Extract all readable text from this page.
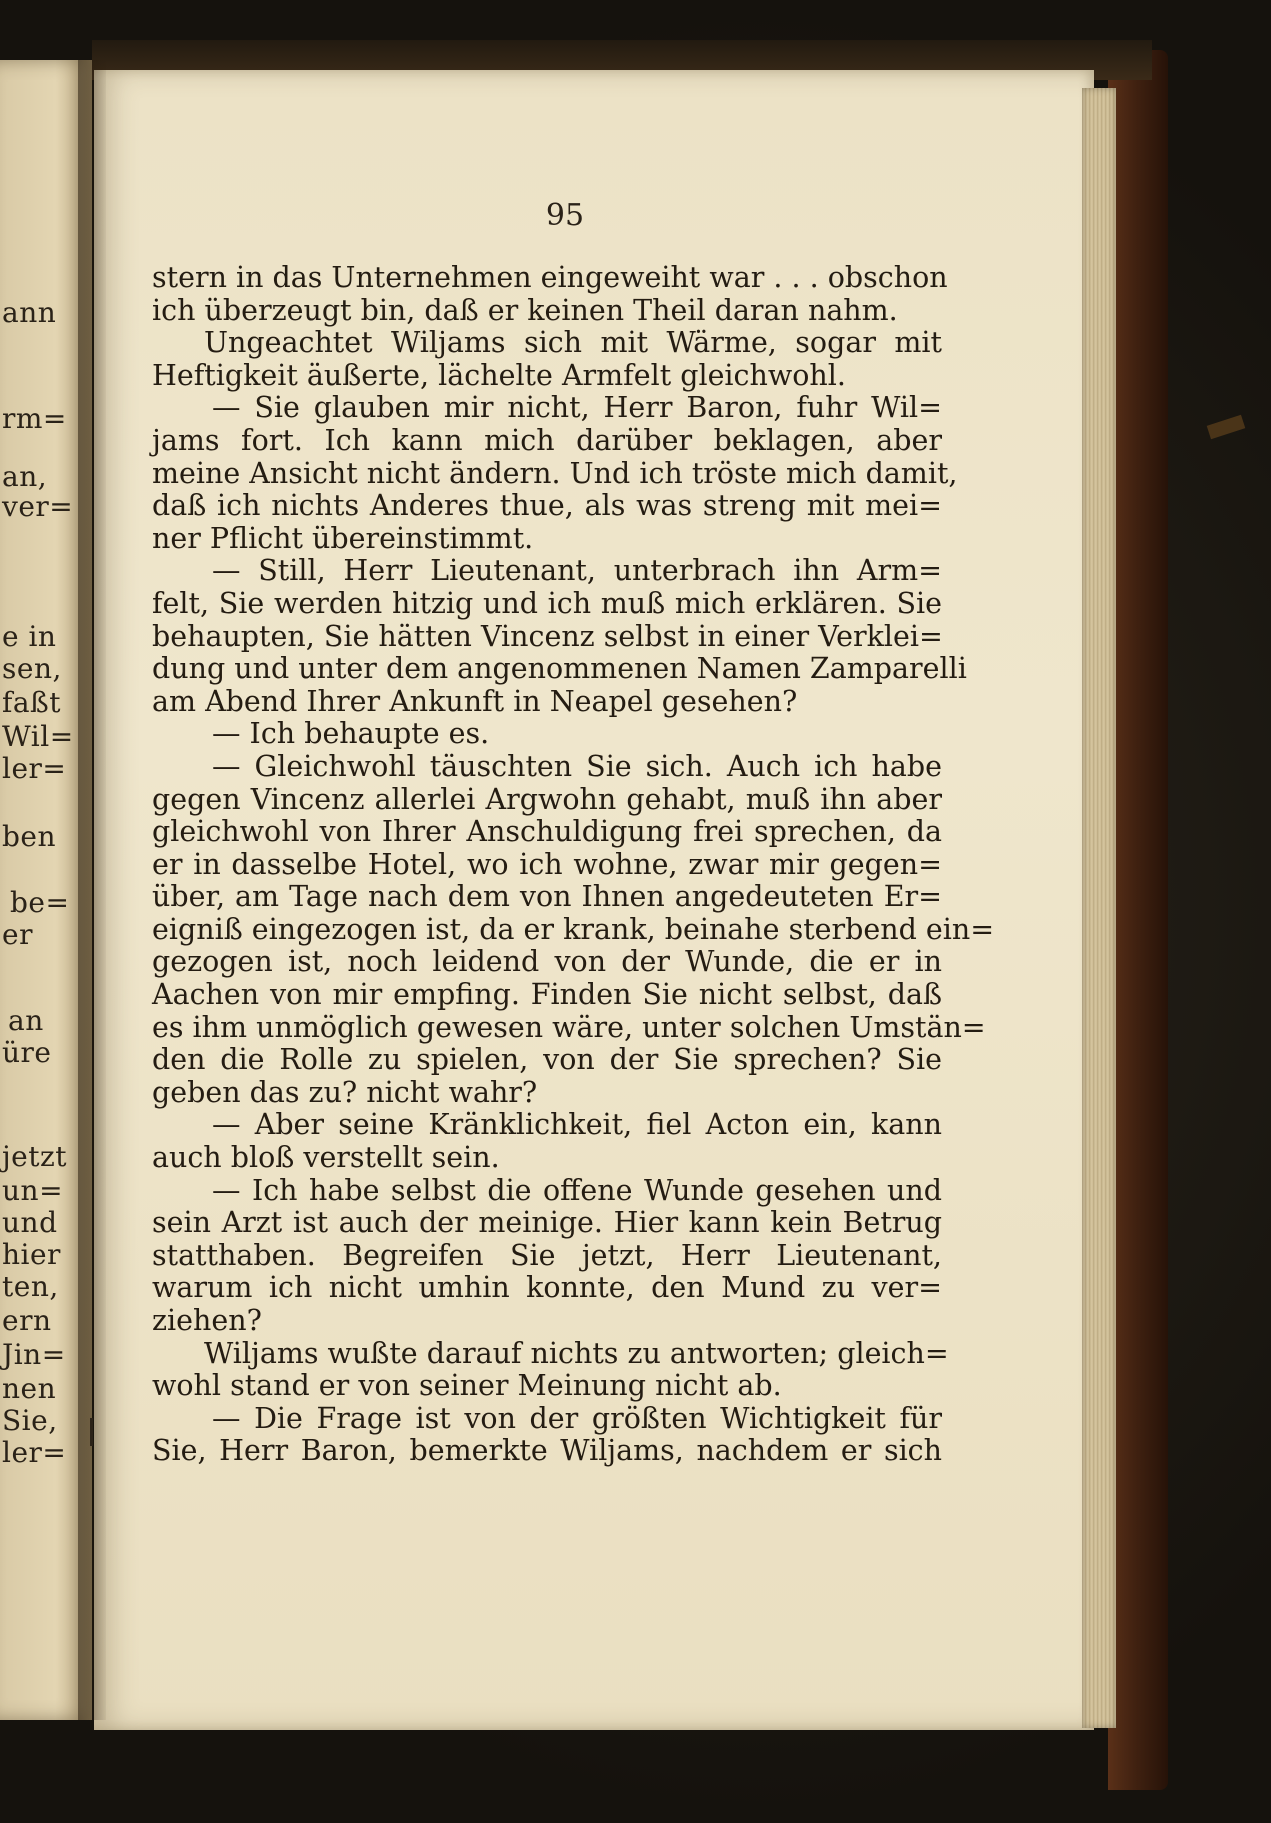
ann
rm=
an,
ver=
e in
sen,
faßt
Wil=
ler=
ben
be=
er
an
üre
jetzt
un=
und
hier
ten,
ern
Jin=
nen
Sie,
ler=
95
stern in das Unternehmen eingeweiht war . . . obschon
ich überzeugt bin, daß er keinen Theil daran nahm.
Ungeachtet Wiljams sich mit Wärme, sogar mit
Heftigkeit äußerte, lächelte Armfelt gleichwohl.
— Sie glauben mir nicht, Herr Baron, fuhr Wil=
jams fort. Ich kann mich darüber beklagen, aber
meine Ansicht nicht ändern. Und ich tröste mich damit,
daß ich nichts Anderes thue, als was streng mit mei=
ner Pflicht übereinstimmt.
— Still, Herr Lieutenant, unterbrach ihn Arm=
felt, Sie werden hitzig und ich muß mich erklären. Sie
behaupten, Sie hätten Vincenz selbst in einer Verklei=
dung und unter dem angenommenen Namen Zamparelli
am Abend Ihrer Ankunft in Neapel gesehen?
— Ich behaupte es.
— Gleichwohl täuschten Sie sich. Auch ich habe
gegen Vincenz allerlei Argwohn gehabt, muß ihn aber
gleichwohl von Ihrer Anschuldigung frei sprechen, da
er in dasselbe Hotel, wo ich wohne, zwar mir gegen=
über, am Tage nach dem von Ihnen angedeuteten Er=
eigniß eingezogen ist, da er krank, beinahe sterbend ein=
gezogen ist, noch leidend von der Wunde, die er in
Aachen von mir empfing. Finden Sie nicht selbst, daß
es ihm unmöglich gewesen wäre, unter solchen Umstän=
den die Rolle zu spielen, von der Sie sprechen? Sie
geben das zu? nicht wahr?
— Aber seine Kränklichkeit, fiel Acton ein, kann
auch bloß verstellt sein.
— Ich habe selbst die offene Wunde gesehen und
sein Arzt ist auch der meinige. Hier kann kein Betrug
statthaben. Begreifen Sie jetzt, Herr Lieutenant,
warum ich nicht umhin konnte, den Mund zu ver=
ziehen?
Wiljams wußte darauf nichts zu antworten; gleich=
wohl stand er von seiner Meinung nicht ab.
— Die Frage ist von der größten Wichtigkeit für
Sie, Herr Baron, bemerkte Wiljams, nachdem er sich
